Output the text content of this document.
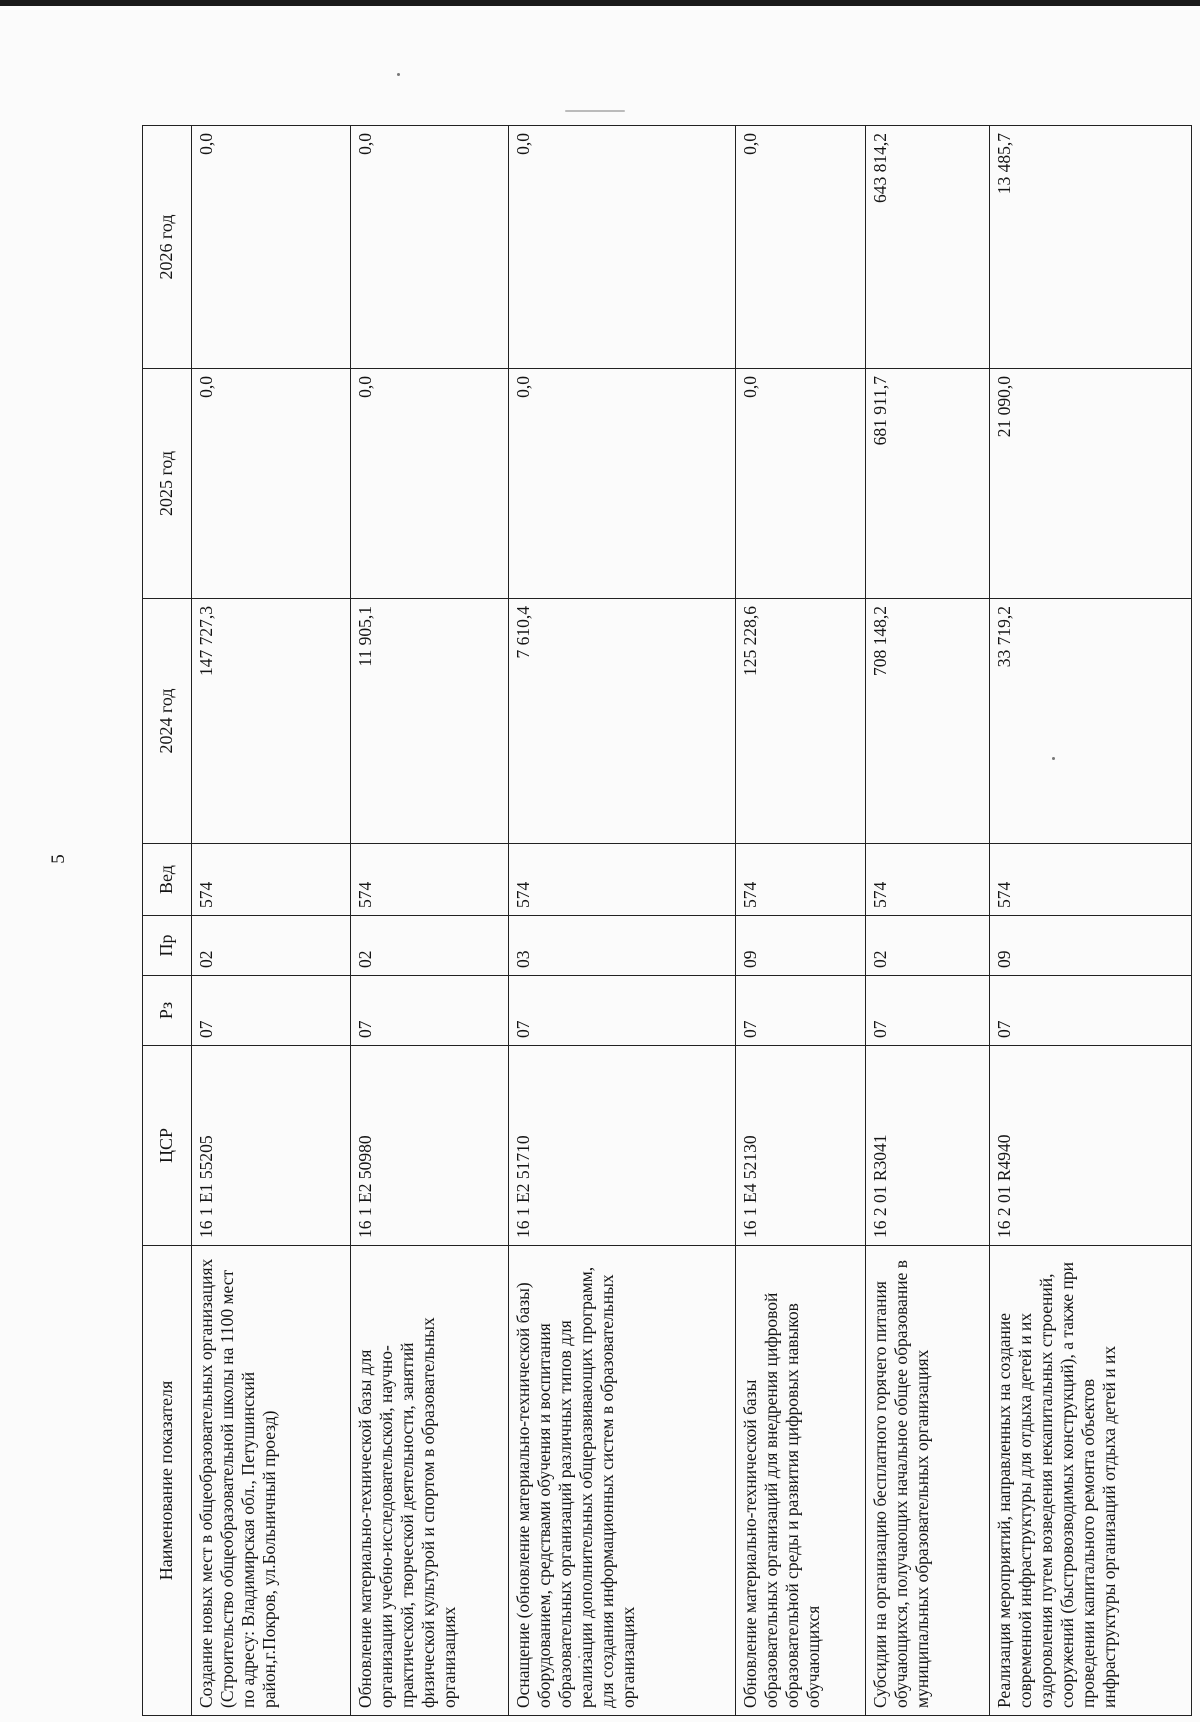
5
Наименование показателя	ЦСР	Рз	Пр	Вед	2024 год	2025 год	2026 год
Создание новых мест в общеобразовательных организациях (Строительство общеобразовательной школы на 1100 мест по адресу: Владимирская обл., Петушинский район,г.Покров, ул.Больничный проезд)	16 1 E1 55205	07	02	574	147 727,3	0,0	0,0
Обновление материально-технической базы для организации учебно-исследовательской, научно-практической, творческой деятельности, занятий физической культурой и спортом в образовательных организациях	16 1 E2 50980	07	02	574	11 905,1	0,0	0,0
Оснащение (обновление материально-технической базы) оборудованием, средствами обучения и воспитания образовательных организаций различных типов для реализации дополнительных общеразвивающих программ, для создания информационных систем в образовательных организациях	16 1 E2 51710	07	03	574	7 610,4	0,0	0,0
Обновление материально-технической базы образовательных организаций для внедрения цифровой образовательной среды и развития цифровых навыков обучающихся	16 1 E4 52130	07	09	574	125 228,6	0,0	0,0
Субсидии на организацию бесплатного горячего питания обучающихся, получающих начальное общее образование в муниципальных образовательных организациях	16 2 01 R3041	07	02	574	708 148,2	681 911,7	643 814,2
Реализация мероприятий, направленных на создание современной инфраструктуры для отдыха детей и их оздоровления путем возведения некапитальных строений, сооружений (быстровозводимых конструкций), а также при проведении капитального ремонта объектов инфраструктуры организаций отдыха детей и их	16 2 01 R4940	07	09	574	33 719,2	21 090,0	13 485,7
